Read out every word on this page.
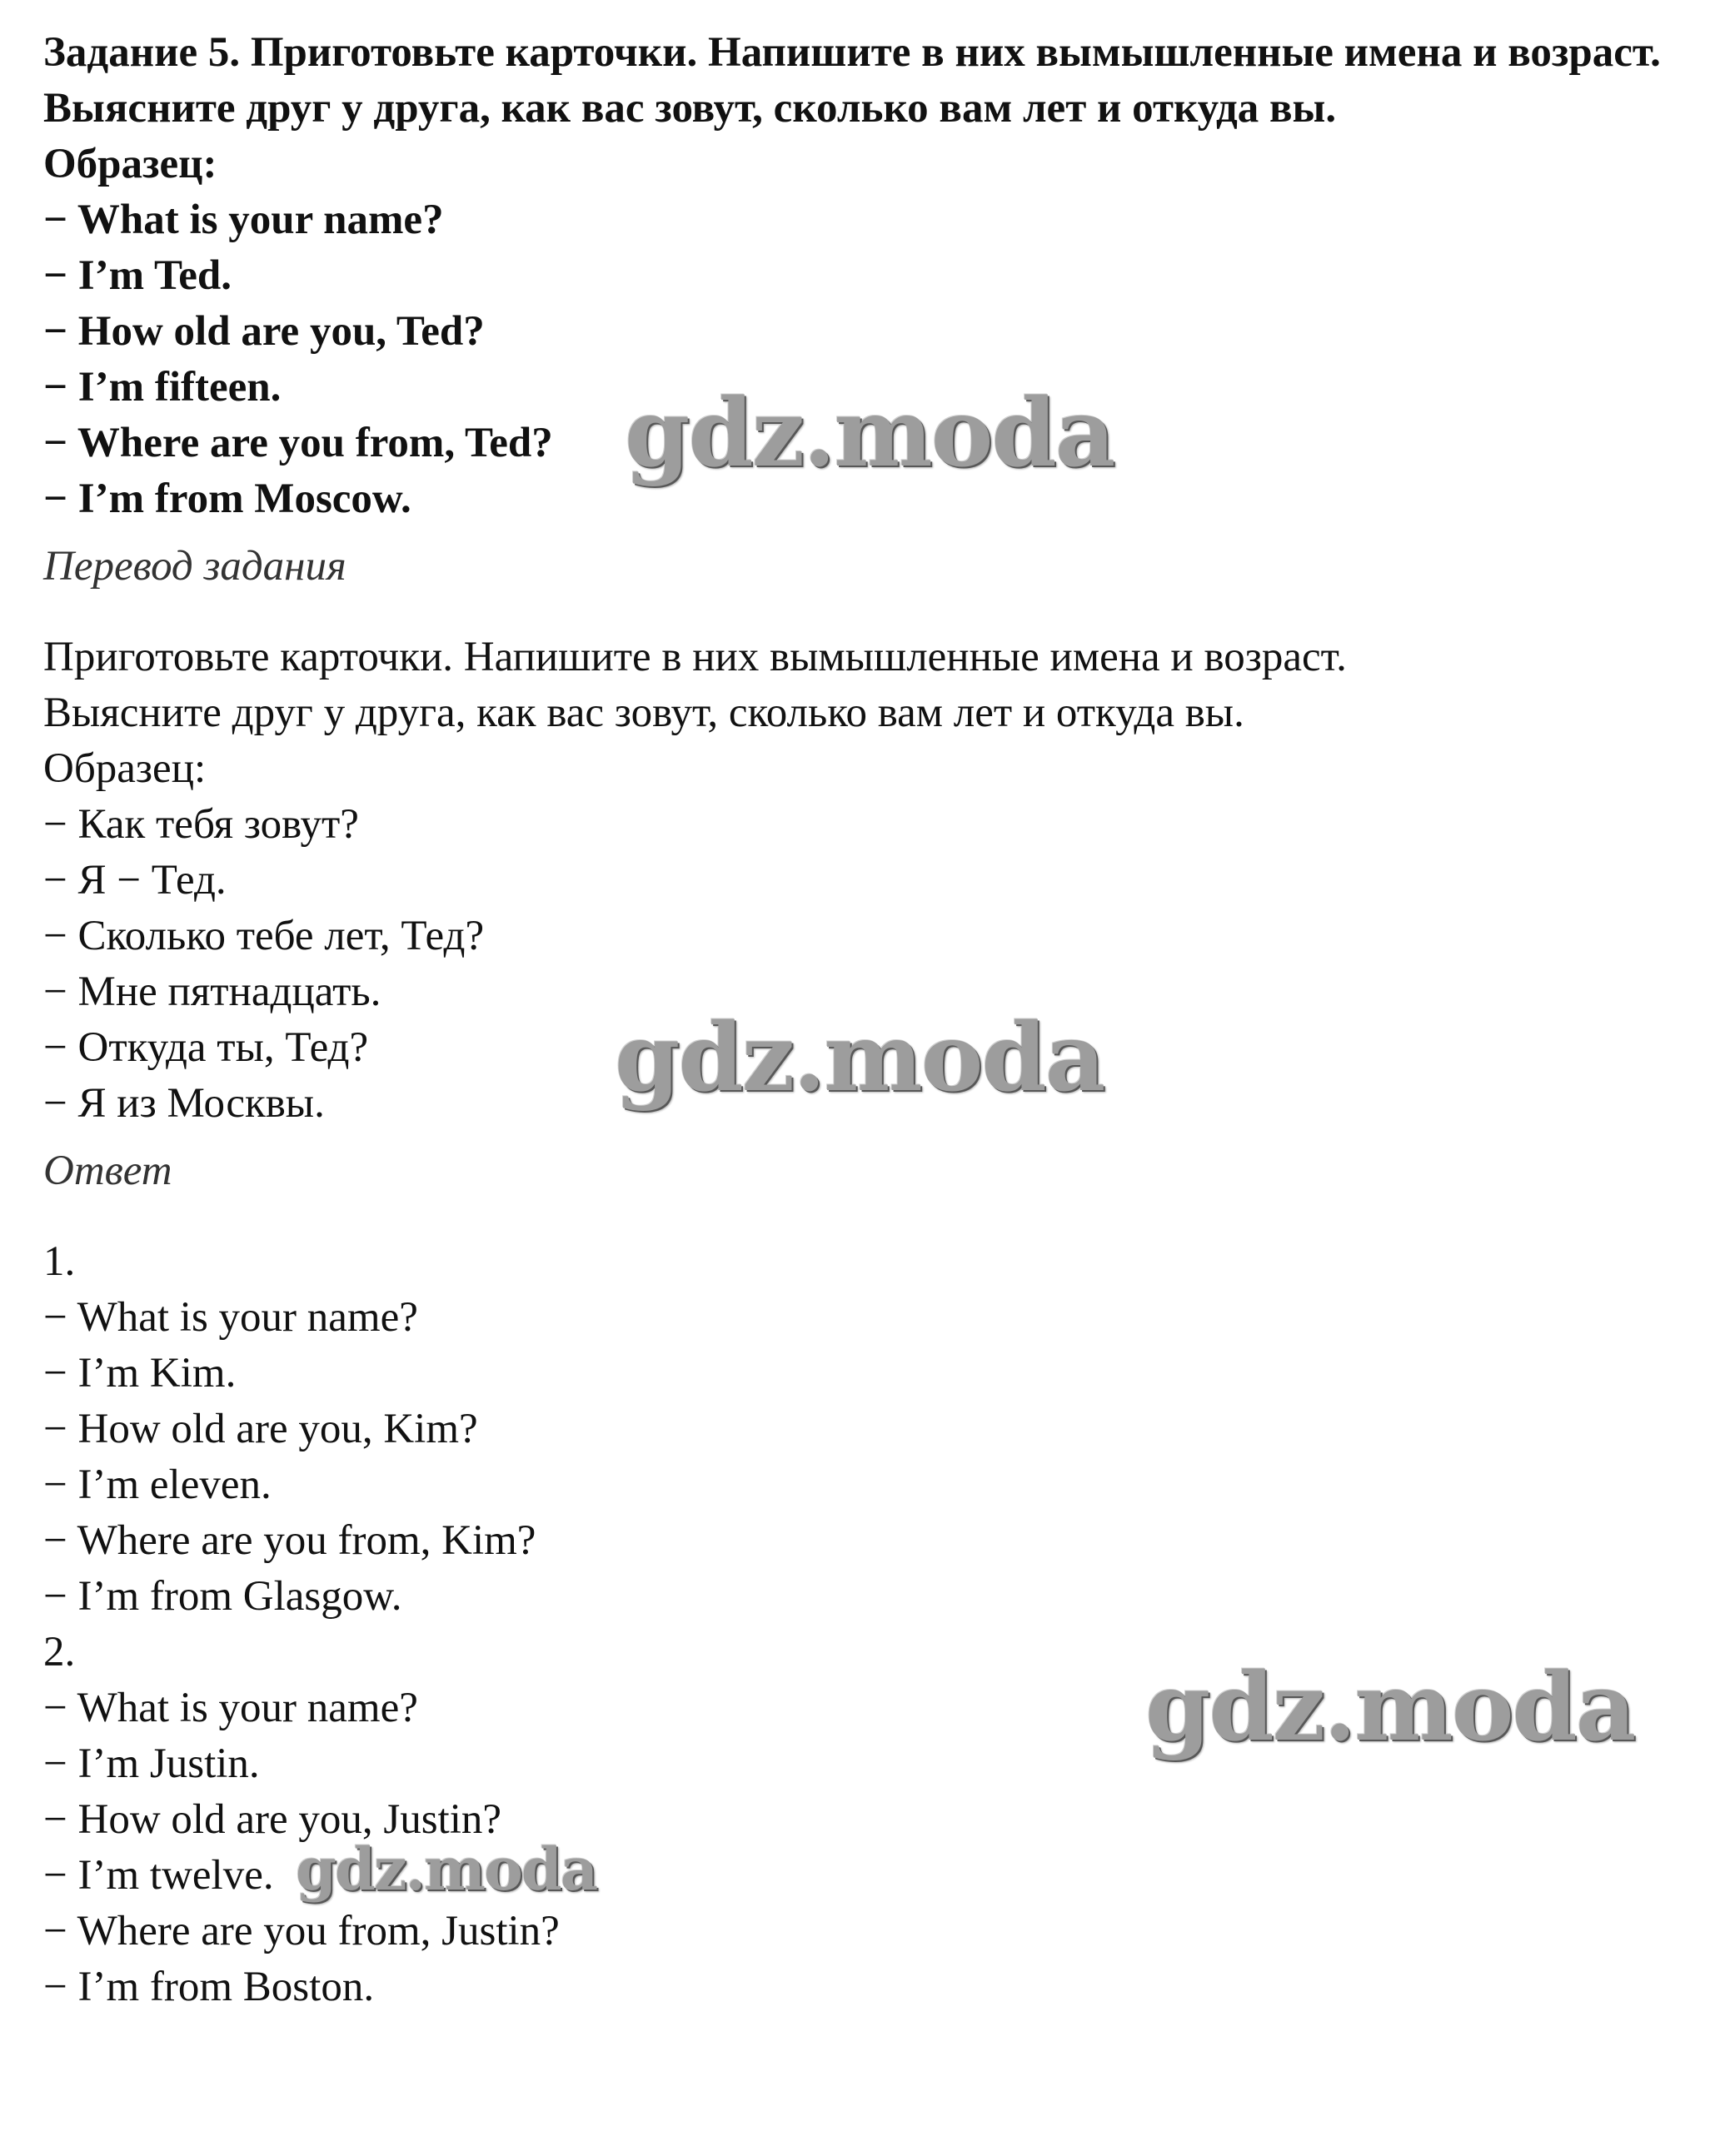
Задание 5. Приготовьте карточки. Напишите в них вымышленные имена и возраст. Выясните друг у друга, как вас зовут, сколько вам лет и откуда вы.

Образец:

− What is your name?

− I’m Ted.

− How old are you, Ted?

− I’m fifteen.

− Where are you from, Ted?

− I’m from Moscow.

Перевод задания

Приготовьте карточки. Напишите в них вымышленные имена и возраст.

Выясните друг у друга, как вас зовут, сколько вам лет и откуда вы.

Образец:

− Как тебя зовут?

− Я − Тед.

− Сколько тебе лет, Тед?

− Мне пятнадцать.

− Откуда ты, Тед?

− Я из Москвы.

Ответ

1.

− What is your name?

− I’m Kim.

− How old are you, Kim?

− I’m eleven.

− Where are you from, Kim?

− I’m from Glasgow.

2.

− What is your name?

− I’m Justin.

− How old are you, Justin?

− I’m twelve.

− Where are you from, Justin?

− I’m from Boston.

gdz.moda
gdz.moda
gdz.moda
gdz.moda
